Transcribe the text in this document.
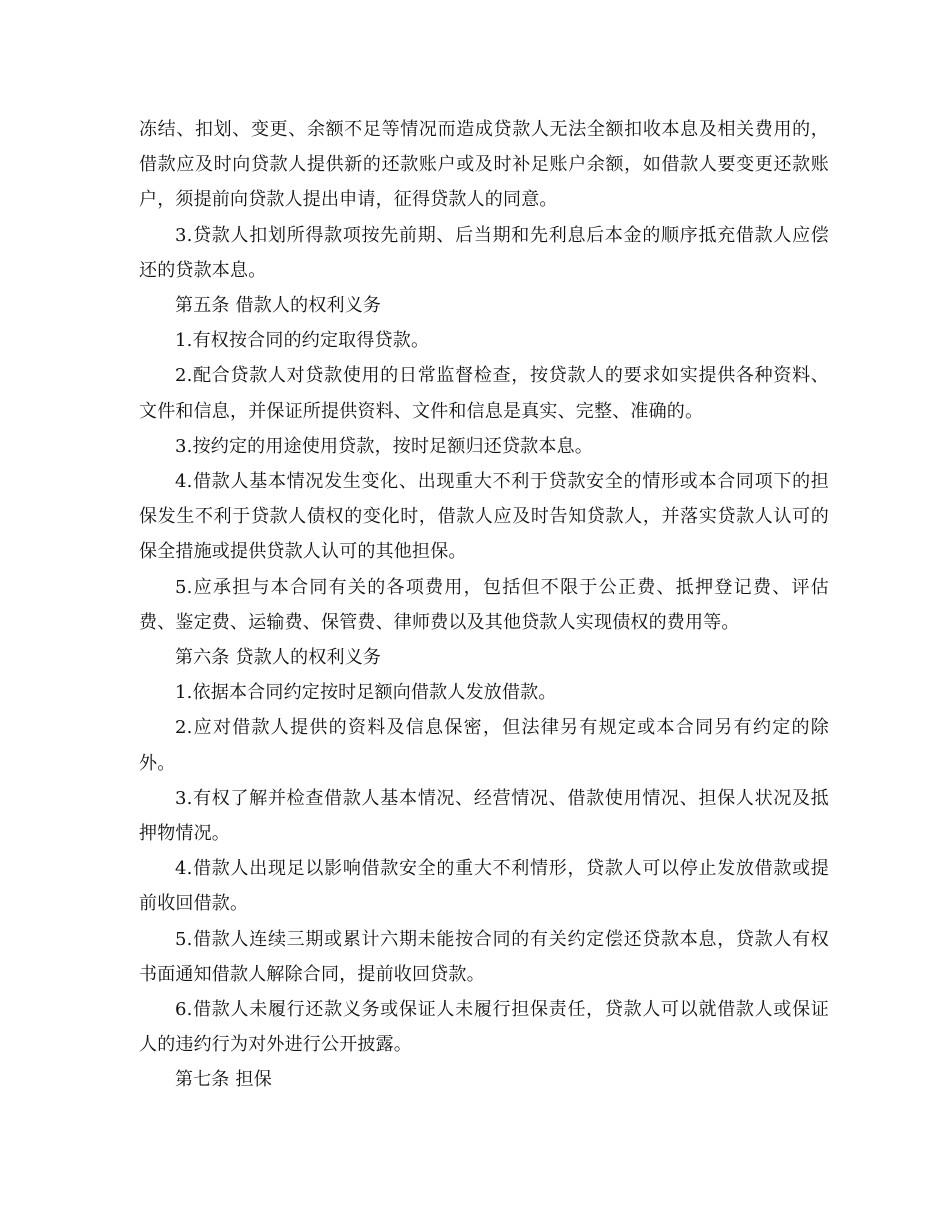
冻结、扣划、变更、余额不足等情况而造成贷款人无法全额扣收本息及相关费用的，借款应及时向贷款人提供新的还款账户或及时补足账户余额，如借款人要变更还款账户，须提前向贷款人提出申请，征得贷款人的同意。

3.贷款人扣划所得款项按先前期、后当期和先利息后本金的顺序抵充借款人应偿还的贷款本息。

第五条 借款人的权利义务

1.有权按合同的约定取得贷款。

2.配合贷款人对贷款使用的日常监督检查，按贷款人的要求如实提供各种资料、文件和信息，并保证所提供资料、文件和信息是真实、完整、准确的。

3.按约定的用途使用贷款，按时足额归还贷款本息。

4.借款人基本情况发生变化、出现重大不利于贷款安全的情形或本合同项下的担保发生不利于贷款人债权的变化时，借款人应及时告知贷款人，并落实贷款人认可的保全措施或提供贷款人认可的其他担保。

5.应承担与本合同有关的各项费用，包括但不限于公正费、抵押登记费、评估费、鉴定费、运输费、保管费、律师费以及其他贷款人实现债权的费用等。

第六条 贷款人的权利义务

1.依据本合同约定按时足额向借款人发放借款。

2.应对借款人提供的资料及信息保密，但法律另有规定或本合同另有约定的除外。

3.有权了解并检查借款人基本情况、经营情况、借款使用情况、担保人状况及抵押物情况。

4.借款人出现足以影响借款安全的重大不利情形，贷款人可以停止发放借款或提前收回借款。

5.借款人连续三期或累计六期未能按合同的有关约定偿还贷款本息，贷款人有权书面通知借款人解除合同，提前收回贷款。

6.借款人未履行还款义务或保证人未履行担保责任，贷款人可以就借款人或保证人的违约行为对外进行公开披露。

第七条 担保
